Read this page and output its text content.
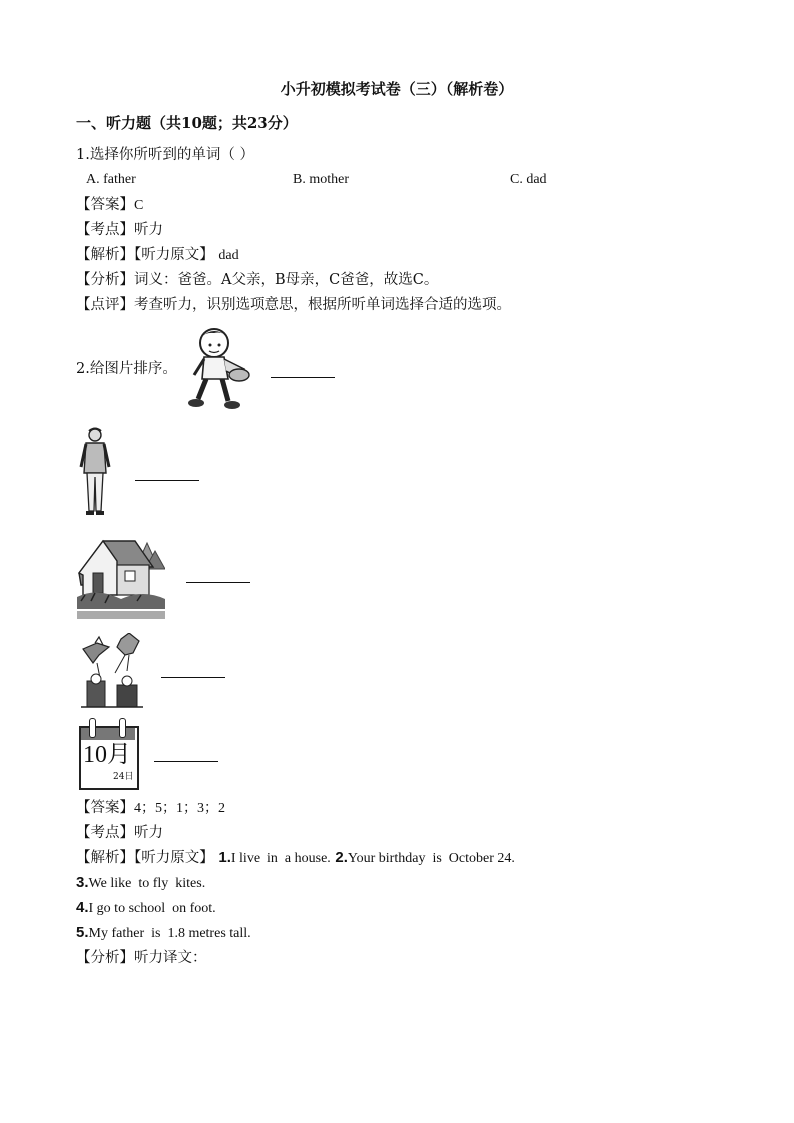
小升初模拟考试卷（三）（解析卷）
一、听力题（共10题；共23分）
1.选择你所听到的单词（ ）
A. father	B. mother	C. dad
【答案】C
【考点】听力
【解析】【听力原文】 dad
【分析】词义：爸爸。A父亲，B母亲，C爸爸，故选C。
【点评】考查听力，识别选项意思，根据所听单词选择合适的选项。
2.给图片排序。
10月
24日
【答案】4；5；1；3；2
【考点】听力
【解析】【听力原文】 1.I live  in  a house. 2.Your birthday  is  October 24.
3.We like  to fly  kites.
4.I go to school  on foot.
5.My father  is  1.8 metres tall.
【分析】听力译文：
